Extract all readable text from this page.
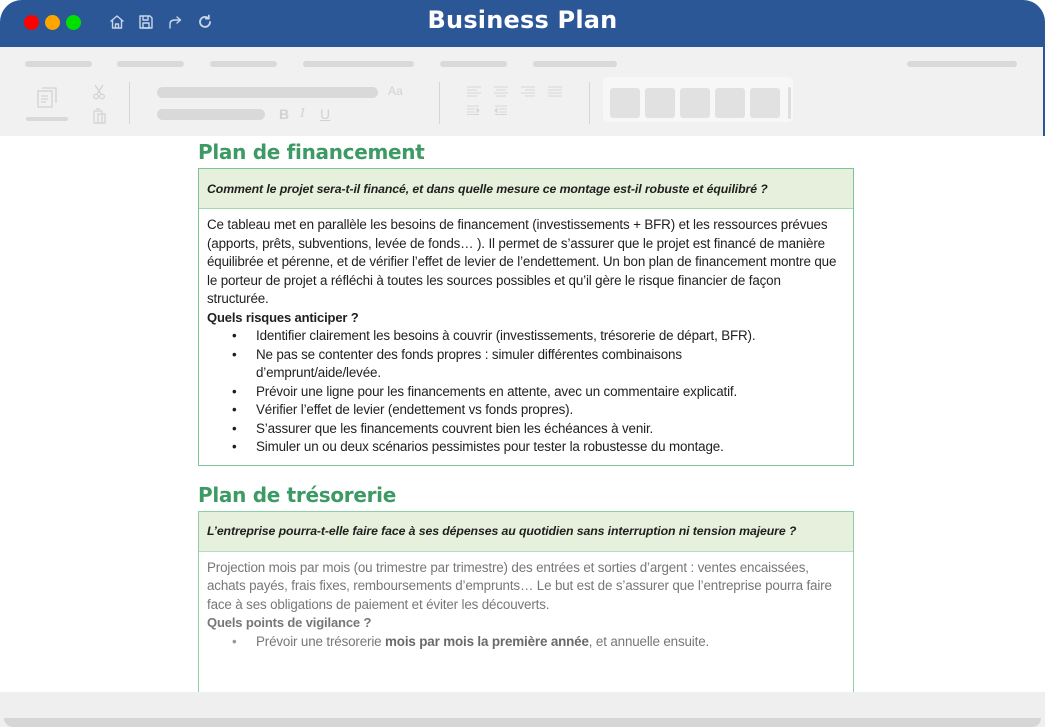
Business Plan
Aa
B I U
Plan de financement
Comment le projet sera-t-il financé, et dans quelle mesure ce montage est-il robuste et équilibré ?

Ce tableau met en parallèle les besoins de financement (investissements + BFR) et les ressources prévues (apports, prêts, subventions, levée de fonds… ). Il permet de s’assurer que le projet est financé de manière équilibrée et pérenne, et de vérifier l’effet de levier de l’endettement. Un bon plan de financement montre que le porteur de projet a réfléchi à toutes les sources possibles et qu’il gère le risque financier de façon structurée.

Quels risques anticiper ?

• Identifier clairement les besoins à couvrir (investissements, trésorerie de départ, BFR).
• Ne pas se contenter des fonds propres : simuler différentes combinaisons d’emprunt/aide/levée.
• Prévoir une ligne pour les financements en attente, avec un commentaire explicatif.
• Vérifier l’effet de levier (endettement vs fonds propres).
• S’assurer que les financements couvrent bien les échéances à venir.
• Simuler un ou deux scénarios pessimistes pour tester la robustesse du montage.
Plan de trésorerie
L’entreprise pourra-t-elle faire face à ses dépenses au quotidien sans interruption ni tension majeure ?

Projection mois par mois (ou trimestre par trimestre) des entrées et sorties d’argent : ventes encaissées, achats payés, frais fixes, remboursements d’emprunts… Le but est de s’assurer que l’entreprise pourra faire face à ses obligations de paiement et éviter les découverts.

Quels points de vigilance ?

• Prévoir une trésorerie mois par mois la première année, et annuelle ensuite.
